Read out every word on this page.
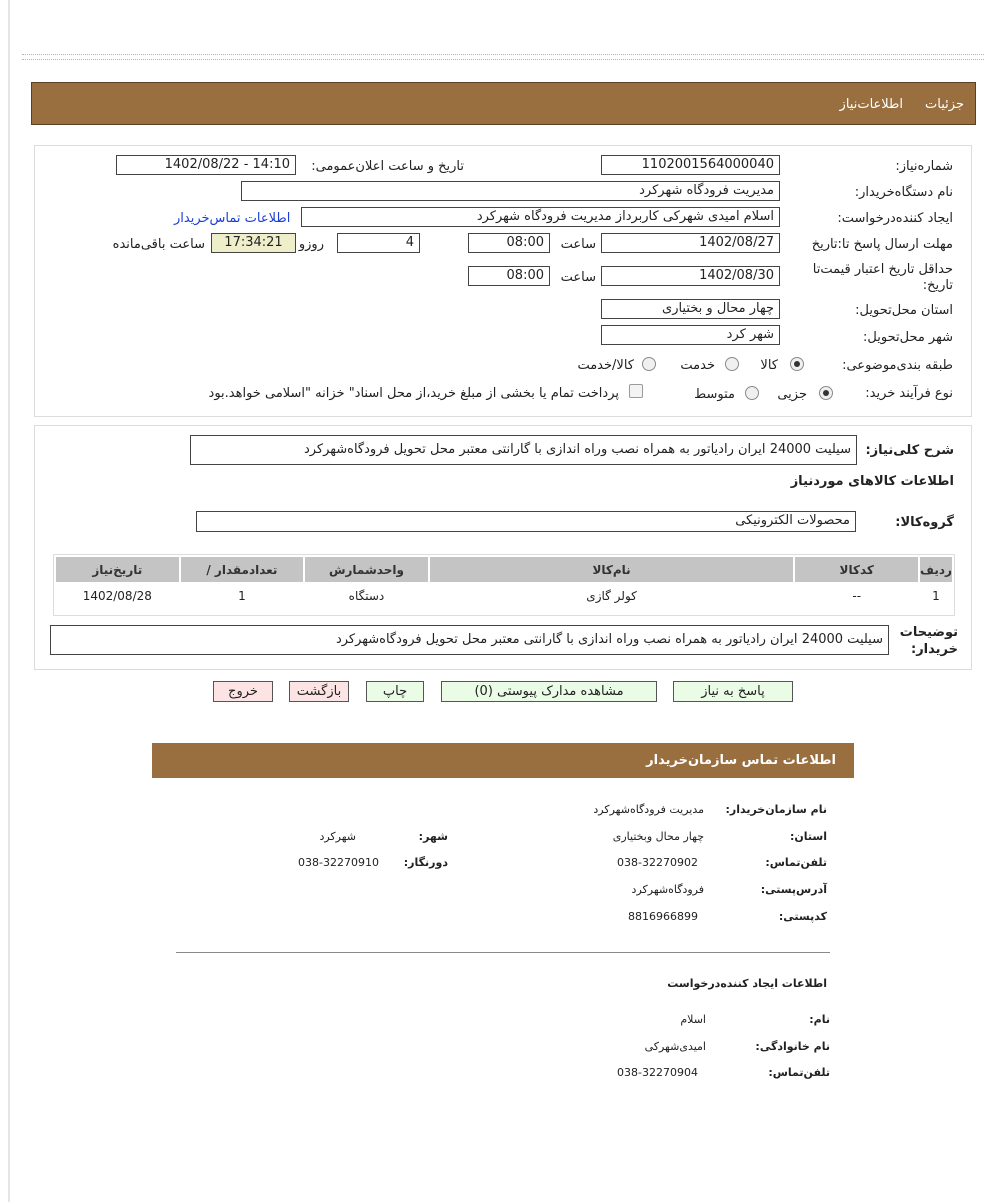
جزئیات
اطلاعات‌نیاز
شماره‌نیاز:
1102001564000040
تاریخ و ساعت اعلان‌عمومی:
1402/08/22 - 14:10
نام دستگاه‌خریدار:
مدیریت فرودگاه شهرکرد
ایجاد کننده‌درخواست:
اسلام امیدی شهرکی کاربرداز مدیریت فرودگاه شهرکرد
اطلاعات تماس‌خریدار
مهلت ارسال پاسخ تا:تاریخ
1402/08/27
ساعت
08:00
4
روزو
17:34:21
ساعت باقی‌مانده
حداقل تاریخ اعتبار قیمت‌تا
تاریخ:
1402/08/30
ساعت
08:00
استان محل‌تحویل:
چهار محال و بختیاری
شهر محل‌تحویل:
شهر کرد
طبقه بندی‌موضوعی:
کالا
خدمت
کالا/خدمت
نوع فرآیند خرید:
جزیی
متوسط
پرداخت تمام یا بخشی از مبلغ خرید،از محل اسناد" خزانه "اسلامی خواهد.بود
شرح کلی‌نیاز:
سیلیت 24000 ایران رادیاتور به همراه نصب وراه اندازی با گارانتی معتبر محل تحویل فرودگاه‌شهرکرد
اطلاعات کالاهای موردنیاز
گروه‌کالا:
محصولات الکترونیکی
ردیف	کدکالا	نام‌کالا	واحدشمارش	تعدادمقدار /	تاریخ‌نیاز
1	--	کولر گازی	دستگاه	1	1402/08/28
توضیحات
خریدار:
سیلیت 24000 ایران رادیاتور به همراه نصب وراه اندازی با گارانتی معتبر محل تحویل فرودگاه‌شهرکرد
پاسخ به نیاز
مشاهده مدارک پیوستی (0)
چاپ
بازگشت
خروج
اطلاعات تماس سازمان‌خریدار
نام سازمان‌خریدار:
مدیریت فرودگاه‌شهرکرد
استان:
چهار محال وبختیاری
شهر:
شهرکرد
تلفن‌تماس:
038-32270902
دورنگار:
038-32270910
آدرس‌پستی:
فرودگاه‌شهرکرد
کد‌پستی:
8816966899
اطلاعات ایجاد کننده‌درخواست
نام:
اسلام
نام خانوادگی:
امیدی‌شهرکی
تلفن‌تماس:
038-32270904
